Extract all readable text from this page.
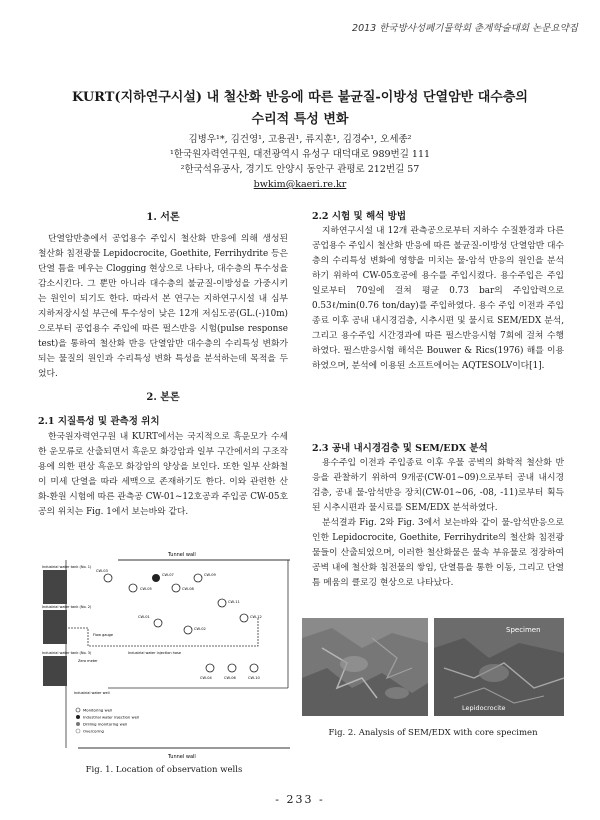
2013 한국방사성폐기물학회 춘계학술대회 논문요약집
KURT(지하연구시설) 내 철산화 반응에 따른 불균질-이방성 단열암반 대수층의
수리적 특성 변화
김병우¹*, 김건영¹, 고용권¹, 류지훈¹, 김경수¹, 오세종²
¹한국원자력연구원, 대전광역시 유성구 대덕대로 989번길 111
²한국석유공사, 경기도 안양시 동안구 관평로 212번길 57
bwkim@kaeri.re.kr
1. 서론

단열암반층에서 공업용수 주입시 철산화 반응에 의해 생성된 철산화 침전광물 Lepidocrocite, Goethite, Ferrihydrite 등은 단열 틈을 메우는 Clogging 현상으로 나타나, 대수층의 투수성을 감소시킨다. 그 뿐만 아니라 대수층의 불균질-이방성을 가중시키는 원인이 되기도 한다. 따라서 본 연구는 지하연구시설 내 심부 지하저장시설 부근에 투수성이 낮은 12개 저심도공(GL.(-)10m)으로부터 공업용수 주입에 따른 펄스반응 시험(pulse response test)을 통하여 철산화 반응 단열암반 대수층의 수리특성 변화가 되는 물질의 원인과 수리특성 변화 특성을 분석하는데 목적을 두었다.

2. 본론
2.1 지질특성 및 관측정 위치

한국원자력연구원 내 KURT에서는 국지적으로 흑운모가 수세한 운모류로 산출되면서 흑운모 화강암과 일부 구간에서의 구조작용에 의한 편상 흑운모 화강암의 양상을 보인다. 또한 일부 산화철이 미세 단열을 따라 세맥으로 존재하기도 한다. 이와 관련한 산화-환원 시험에 따른 관측공 CW-01~12호공과 주입공 CW-05호공의 위치는 Fig. 1에서 보는바와 같다.

Tunnel wall
Tunnel wall
Industrial water tank (No. 1)
Industrial water tank (No. 2)
Industrial water tank (No. 3)	Industrial water injection hose
Flow gauge
Zero meter
Industrial water well
CW-03
CW-05
CW-07
CW-08
CW-09
CW-11
CW-12
CW-01
CW-02
CW-04	CW-06	CW-10
Monitoring well
Industrial water injection well
Drilling monitoring well
Overcoring
Fig. 1. Location of observation wells
2.2 시험 및 해석 방법

지하연구시설 내 12개 관측공으로부터 지하수 수질환경과 다른 공업용수 주입시 철산화 반응에 따른 불균질-이방성 단열암반 대수층의 수리특성 변화에 영향을 미치는 물-암석 반응의 원인을 분석하기 위하여 CW-05호공에 용수를 주입시켰다. 용수주입은 주입일로부터 70일에 걸쳐 평균 0.73 bar의 주입압력으로 0.53ℓ/min(0.76 ton/day)를 주입하였다. 용수 주입 이전과 주입종료 이후 공내 내시경검층, 시추시편 및 물시료 SEM/EDX 분석, 그리고 용수주입 시간경과에 따른 펄스반응시험 7회에 걸쳐 수행하였다. 펄스반응시험 해석은 Bouwer & Rics(1976) 해를 이용하였으며, 분석에 이용된 소프트에어는 AQTESOLV이다[1].

2.3 공내 내시경검층 및 SEM/EDX 분석

용수주입 이전과 주입종료 이후 우물 공벽의 화학적 철산화 반응을 관찰하기 위하여 9개공(CW-01~09)으로부터 공내 내시경검층, 공내 물-암석반응 장치(CW-01~06, -08, -11)로부터 획득된 시추시편과 물시료를 SEM/EDX 분석하였다.

분석결과 Fig. 2와 Fig. 3에서 보는바와 같이 물-암석반응으로 인한 Lepidocrocite, Goethite, Ferrihydrite의 철산화 침전광물들이 산출되었으며, 이러한 철산화물은 물속 부유물로 정장하여 공벽 내에 철산화 침전물의 쌓임, 단열틈을 통한 이동, 그리고 단열틈 메움의 클로깅 현상으로 나타났다.

Specimen
Lepidocrocite
Fig. 2. Analysis of SEM/EDX with core specimen
- 233 -
